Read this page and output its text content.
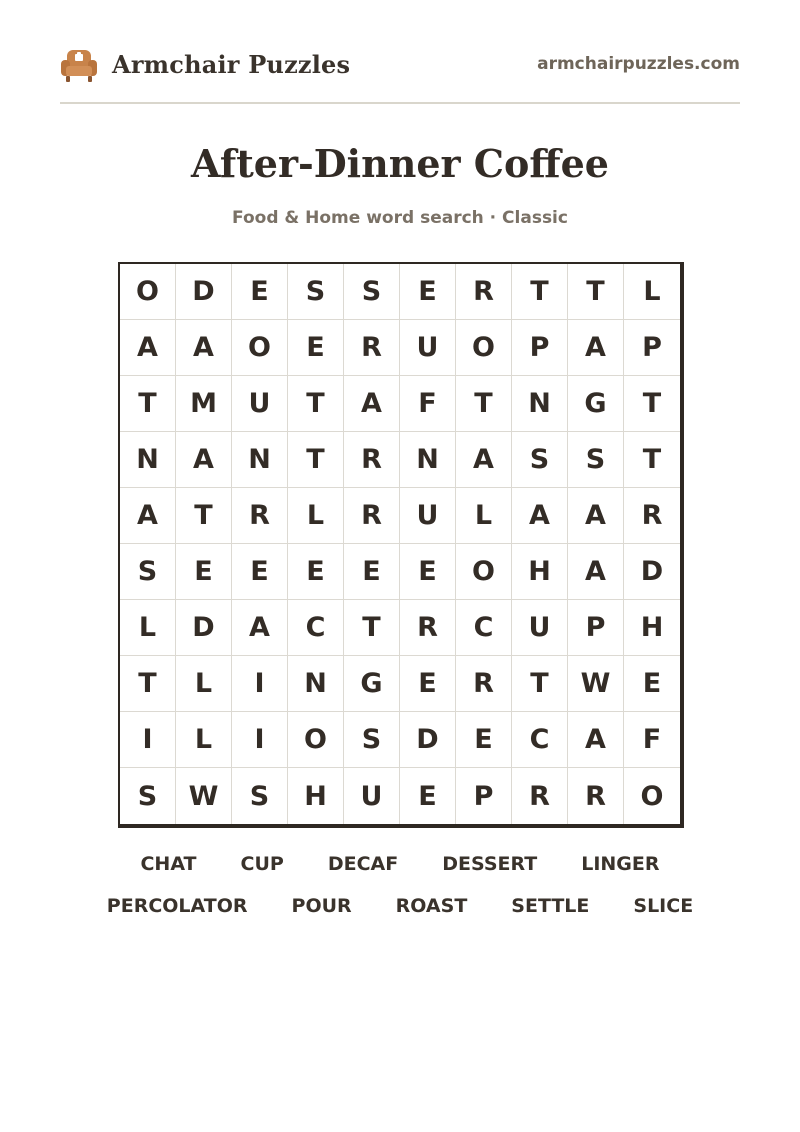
Armchair Puzzles	armchairpuzzles.com
After-Dinner Coffee
Food & Home word search · Classic
O	D	E	S	S	E	R	T	T	L
A	A	O	E	R	U	O	P	A	P
T	M	U	T	A	F	T	N	G	T
N	A	N	T	R	N	A	S	S	T
A	T	R	L	R	U	L	A	A	R
S	E	E	E	E	E	O	H	A	D
L	D	A	C	T	R	C	U	P	H
T	L	I	N	G	E	R	T	W	E
I	L	I	O	S	D	E	C	A	F
S	W	S	H	U	E	P	R	R	O
CHAT	CUP	DECAF	DESSERT	LINGER
PERCOLATOR	POUR	ROAST	SETTLE	SLICE
